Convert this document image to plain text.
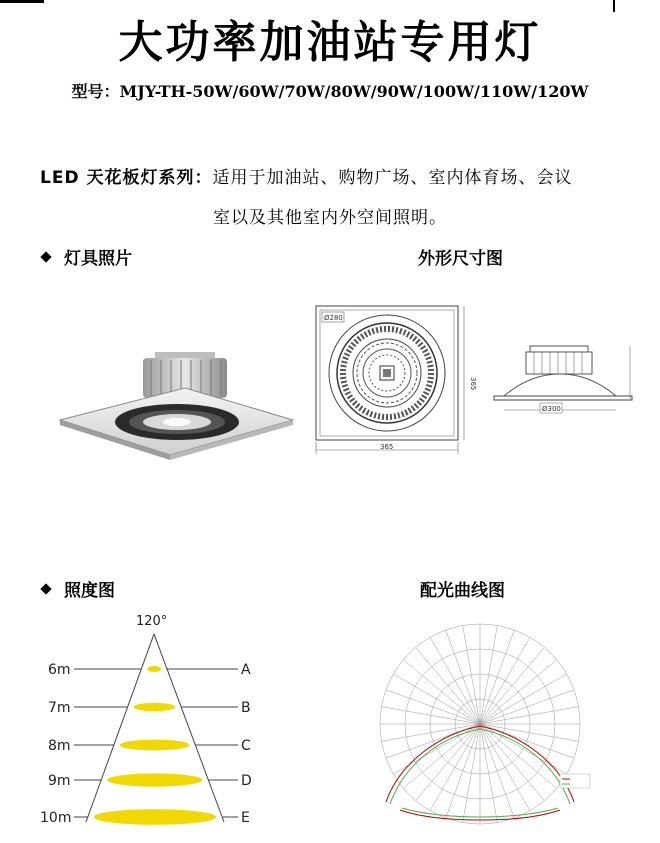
大功率加油站专用灯
型号：MJY-TH-50W/60W/70W/80W/90W/100W/110W/120W
LED 天花板灯系列：适用于加油站、购物广场、室内体育场、会议
室以及其他室内外空间照明。
灯具照片	外形尺寸图
Ø280
365
365
Ø300
照度图	配光曲线图
120°
6m	A
7m	B
8m	C
9m	D
10m	E
